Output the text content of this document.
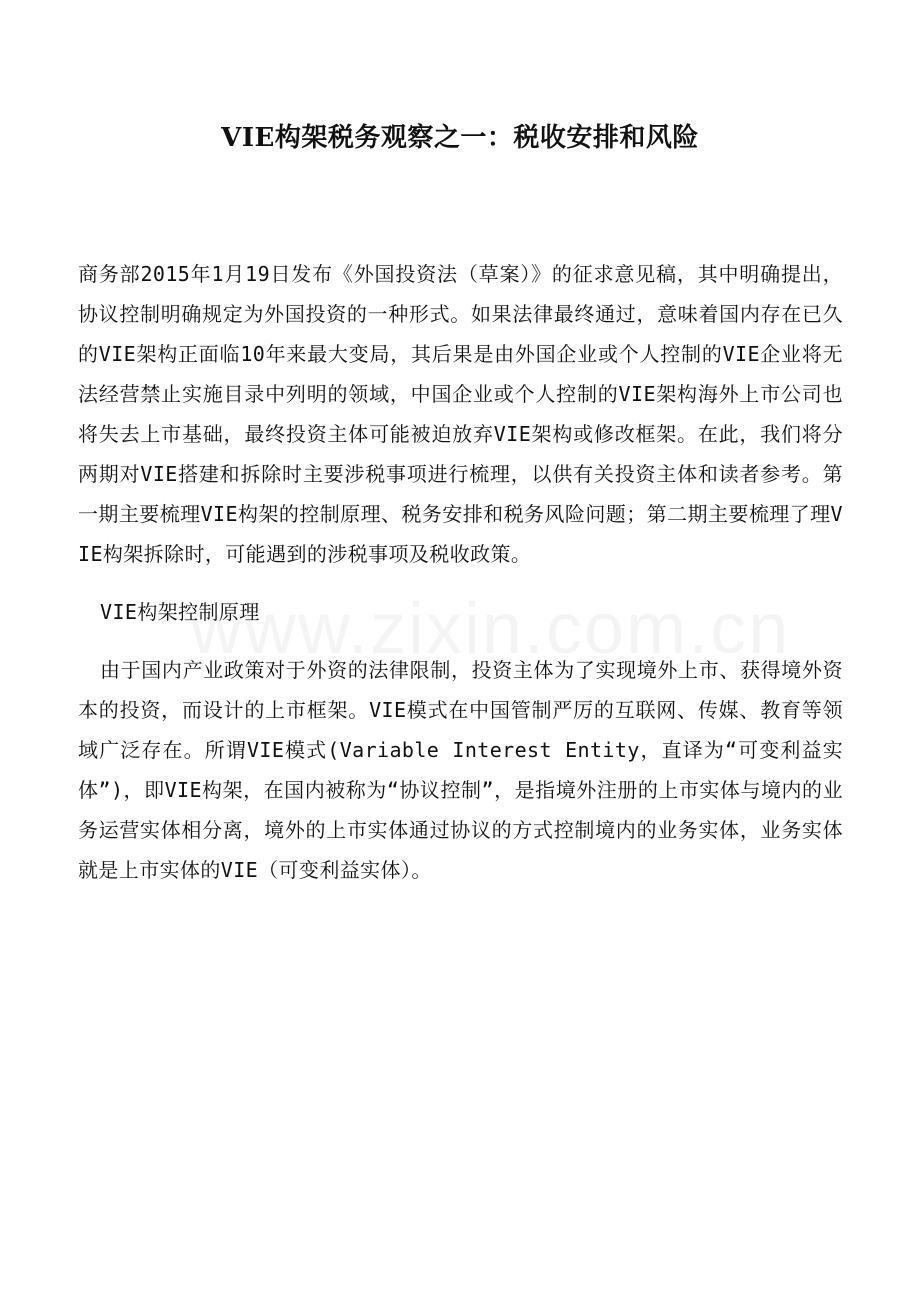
VIE构架税务观察之一：税收安排和风险

商务部2015年1月19日发布《外国投资法（草案）》的征求意见稿，其中明确提出，协议控制明确规定为外国投资的一种形式。如果法律最终通过，意味着国内存在已久的VIE架构正面临10年来最大变局，其后果是由外国企业或个人控制的VIE企业将无法经营禁止实施目录中列明的领域，中国企业或个人控制的VIE架构海外上市公司也将失去上市基础，最终投资主体可能被迫放弃VIE架构或修改框架。在此，我们将分两期对VIE搭建和拆除时主要涉税事项进行梳理，以供有关投资主体和读者参考。第一期主要梳理VIE构架的控制原理、税务安排和税务风险问题；第二期主要梳理了理VIE构架拆除时，可能遇到的涉税事项及税收政策。

VIE构架控制原理

由于国内产业政策对于外资的法律限制，投资主体为了实现境外上市、获得境外资本的投资，而设计的上市框架。VIE模式在中国管制严厉的互联网、传媒、教育等领域广泛存在。所谓VIE模式(Variable Interest Entity，直译为“可变利益实体”)，即VIE构架，在国内被称为“协议控制”，是指境外注册的上市实体与境内的业务运营实体相分离，境外的上市实体通过协议的方式控制境内的业务实体，业务实体就是上市实体的VIE（可变利益实体）。
